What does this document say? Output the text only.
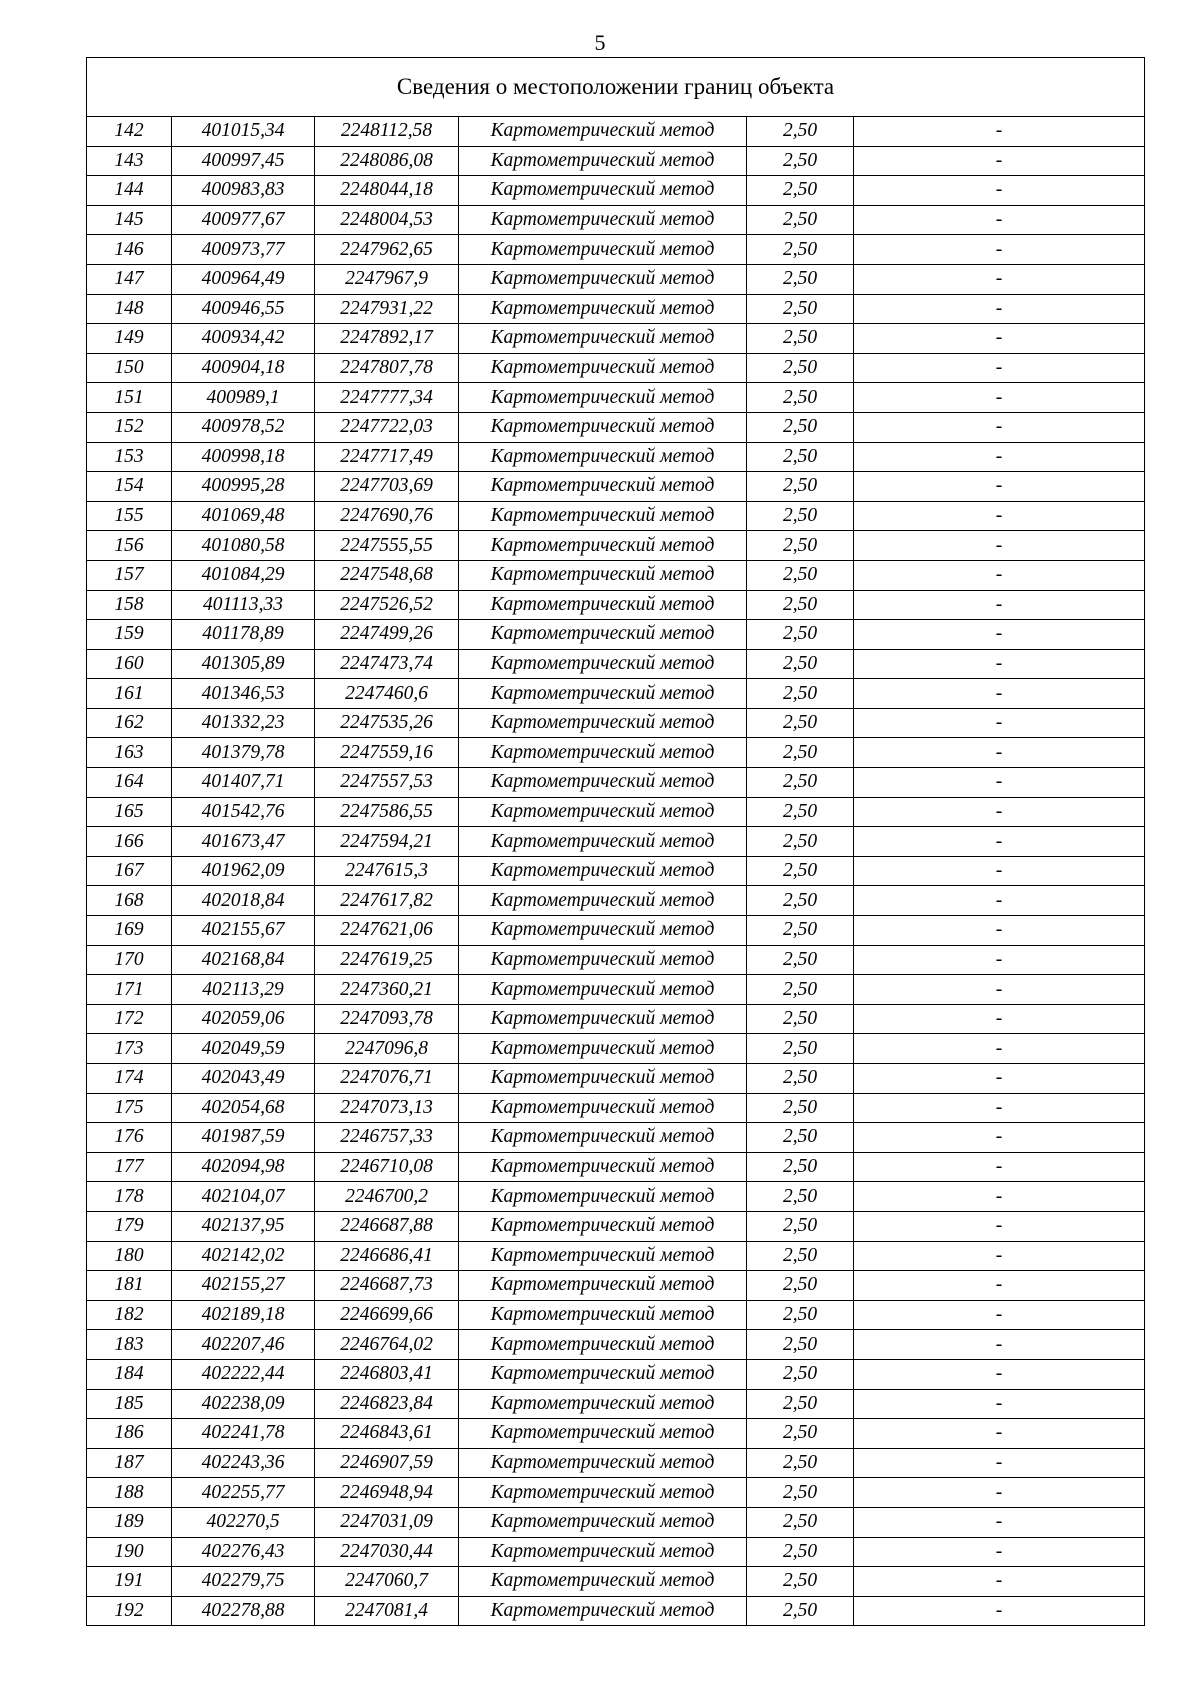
5
Сведения о местоположении границ объекта					
142	401015,34	2248112,58	Картометрический метод	2,50	-
143	400997,45	2248086,08	Картометрический метод	2,50	-
144	400983,83	2248044,18	Картометрический метод	2,50	-
145	400977,67	2248004,53	Картометрический метод	2,50	-
146	400973,77	2247962,65	Картометрический метод	2,50	-
147	400964,49	2247967,9	Картометрический метод	2,50	-
148	400946,55	2247931,22	Картометрический метод	2,50	-
149	400934,42	2247892,17	Картометрический метод	2,50	-
150	400904,18	2247807,78	Картометрический метод	2,50	-
151	400989,1	2247777,34	Картометрический метод	2,50	-
152	400978,52	2247722,03	Картометрический метод	2,50	-
153	400998,18	2247717,49	Картометрический метод	2,50	-
154	400995,28	2247703,69	Картометрический метод	2,50	-
155	401069,48	2247690,76	Картометрический метод	2,50	-
156	401080,58	2247555,55	Картометрический метод	2,50	-
157	401084,29	2247548,68	Картометрический метод	2,50	-
158	401113,33	2247526,52	Картометрический метод	2,50	-
159	401178,89	2247499,26	Картометрический метод	2,50	-
160	401305,89	2247473,74	Картометрический метод	2,50	-
161	401346,53	2247460,6	Картометрический метод	2,50	-
162	401332,23	2247535,26	Картометрический метод	2,50	-
163	401379,78	2247559,16	Картометрический метод	2,50	-
164	401407,71	2247557,53	Картометрический метод	2,50	-
165	401542,76	2247586,55	Картометрический метод	2,50	-
166	401673,47	2247594,21	Картометрический метод	2,50	-
167	401962,09	2247615,3	Картометрический метод	2,50	-
168	402018,84	2247617,82	Картометрический метод	2,50	-
169	402155,67	2247621,06	Картометрический метод	2,50	-
170	402168,84	2247619,25	Картометрический метод	2,50	-
171	402113,29	2247360,21	Картометрический метод	2,50	-
172	402059,06	2247093,78	Картометрический метод	2,50	-
173	402049,59	2247096,8	Картометрический метод	2,50	-
174	402043,49	2247076,71	Картометрический метод	2,50	-
175	402054,68	2247073,13	Картометрический метод	2,50	-
176	401987,59	2246757,33	Картометрический метод	2,50	-
177	402094,98	2246710,08	Картометрический метод	2,50	-
178	402104,07	2246700,2	Картометрический метод	2,50	-
179	402137,95	2246687,88	Картометрический метод	2,50	-
180	402142,02	2246686,41	Картометрический метод	2,50	-
181	402155,27	2246687,73	Картометрический метод	2,50	-
182	402189,18	2246699,66	Картометрический метод	2,50	-
183	402207,46	2246764,02	Картометрический метод	2,50	-
184	402222,44	2246803,41	Картометрический метод	2,50	-
185	402238,09	2246823,84	Картометрический метод	2,50	-
186	402241,78	2246843,61	Картометрический метод	2,50	-
187	402243,36	2246907,59	Картометрический метод	2,50	-
188	402255,77	2246948,94	Картометрический метод	2,50	-
189	402270,5	2247031,09	Картометрический метод	2,50	-
190	402276,43	2247030,44	Картометрический метод	2,50	-
191	402279,75	2247060,7	Картометрический метод	2,50	-
192	402278,88	2247081,4	Картометрический метод	2,50	-
